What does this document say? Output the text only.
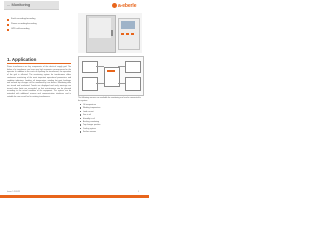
... Monitoring	a-eberle
Fault recording/recording
Power recording/recording
GPS self-recording
1. Application
Power transformers are key components of the electrical supply grid. The failure of a transformer can have very high economic consequences for the operator. In addition to the costs of repairing the transformer, the operation of the grid is affected. The monitoring system for transformers offers continuous monitoring of the most important operational parameters and condition indicators. Loading, oil temperature, winding hot spot, bushings and on-load tap changer can be monitored by one device. Monitoring data are stored and evaluated. Trends are displayed and early warnings are issued when limits are exceeded, so that maintenance can be planned according to the actual condition of the equipment. The system can be extended with additional sensors and communication interfaces and is suitable for new as well as for existing transformers.
The following sensors are available for monitoring and can be connected to the system:
Oil temperature
Winding temperature
Load current
Gas in oil
Humidity in oil
Bushing monitoring
Tap changer position
Cooling system
Further sensors
Issue 1.2/2022	1
